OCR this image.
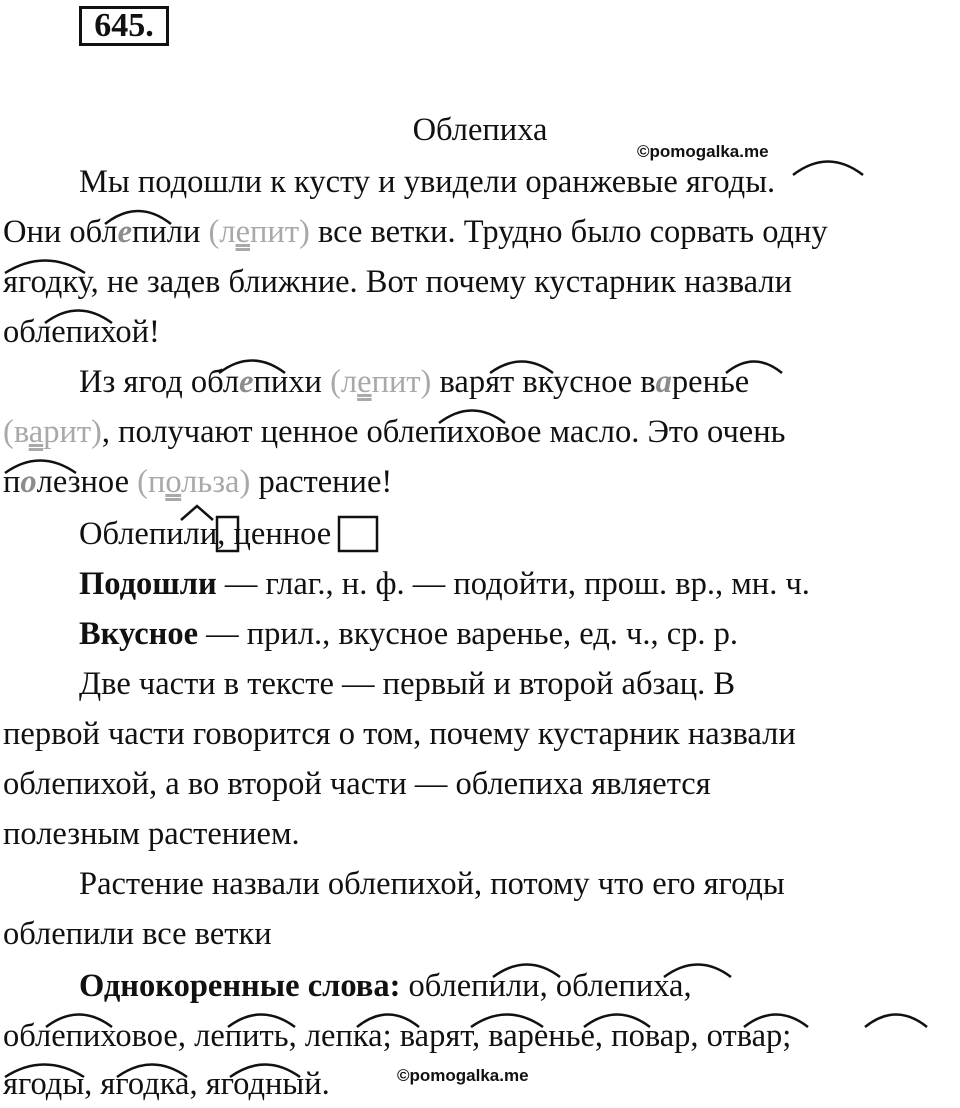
645.
Облепиха
©pomogalka.me
Мы подошли к кусту и увидели оранжевые ягоды.
Они облепили (лепит) все ветки. Трудно было сорвать одну
ягодку, не задев ближние. Вот почему кустарник назвали
облепихой!
Из ягод облепихи (лепит) варят вкусное варенье
(варит), получают ценное облепиховое масло. Это очень
полезное (польза) растение!
Облепили, ценное
Подошли — глаг., н. ф. — подойти, прош. вр., мн. ч.
Вкусное — прил., вкусное варенье, ед. ч., ср. р.
Две части в тексте — первый и второй абзац. В
первой части говорится о том, почему кустарник назвали
облепихой, а во второй части — облепиха является
полезным растением.
Растение назвали облепихой, потому что его ягоды
облепили все ветки
Однокоренные слова: облепили, облепиха,
облепиховое, лепить, лепка; варят, варенье, повар, отвар;
ягоды, ягодка, ягодный.	©pomogalka.me
